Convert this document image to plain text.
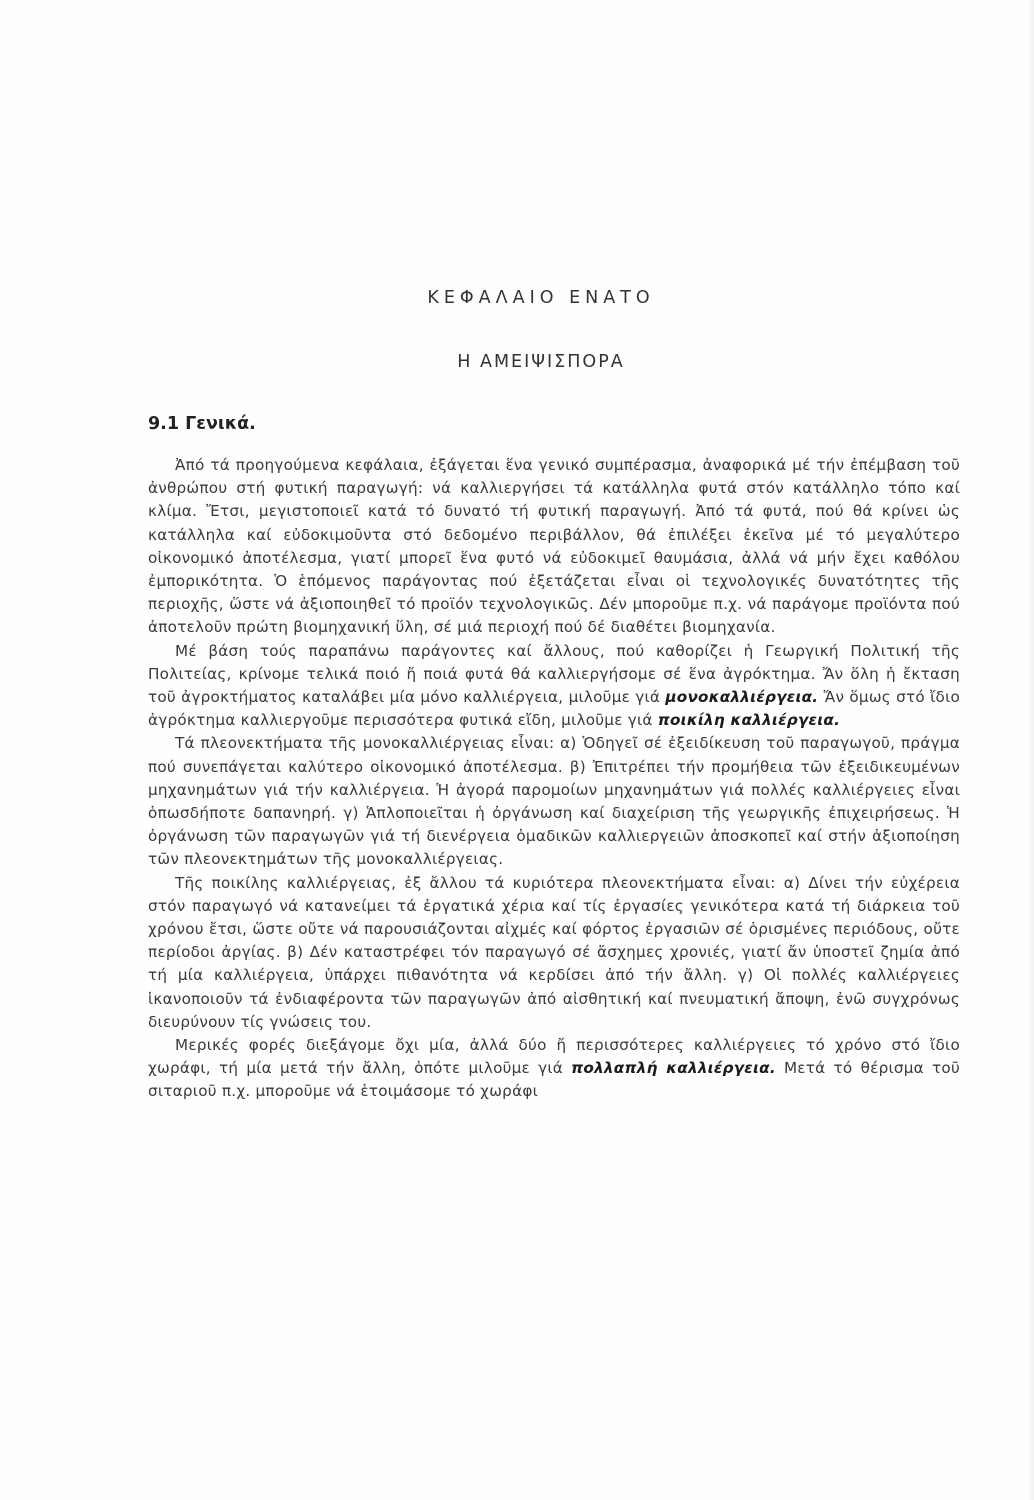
ΚΕΦΑΛΑΙΟ ΕΝΑΤΟ
Η ΑΜΕΙΨΙΣΠΟΡΑ
9.1 Γενικά.

Ἀπό τά προηγούμενα κεφάλαια, ἐξάγεται ἕνα γενικό συμπέρασμα, ἀναφορικά μέ τήν ἐπέμβαση τοῦ ἀνθρώπου στή φυτική παραγωγή: νά καλλιεργήσει τά κατάλληλα φυτά στόν κατάλληλο τόπο καί κλίμα. Ἔτσι, μεγιστοποιεῖ κατά τό δυνατό τή φυτική παραγωγή. Ἀπό τά φυτά, πού θά κρίνει ὡς κατάλληλα καί εὐδοκιμοῦντα στό δεδομένο περιβάλλον, θά ἐπιλέξει ἐκεῖνα μέ τό μεγαλύτερο οἰκονομικό ἀποτέλεσμα, γιατί μπορεῖ ἕνα φυτό νά εὐδοκιμεῖ θαυμάσια, ἀλλά νά μήν ἔχει καθόλου ἐμπορικότητα. Ὁ ἑπόμενος παράγοντας πού ἐξετάζεται εἶναι οἱ τεχνολογικές δυνατότητες τῆς περιοχῆς, ὥστε νά ἀξιοποιηθεῖ τό προϊόν τεχνολογικῶς. Δέν μποροῦμε π.χ. νά παράγομε προϊόντα πού ἀποτελοῦν πρώτη βιομηχανική ὕλη, σέ μιά περιοχή πού δέ διαθέτει βιομηχανία.

Μέ βάση τούς παραπάνω παράγοντες καί ἄλλους, πού καθορίζει ἡ Γεωργική Πολιτική τῆς Πολιτείας, κρίνομε τελικά ποιό ἤ ποιά φυτά θά καλλιεργήσομε σέ ἕνα ἀγρόκτημα. Ἄν ὅλη ἡ ἔκταση τοῦ ἀγροκτήματος καταλάβει μία μόνο καλλιέργεια, μιλοῦμε γιά μονοκαλλιέργεια. Ἄν ὅμως στό ἴδιο ἀγρόκτημα καλλιεργοῦμε περισσότερα φυτικά εἴδη, μιλοῦμε γιά ποικίλη καλλιέργεια.

Τά πλεονεκτήματα τῆς μονοκαλλιέργειας εἶναι: α) Ὁδηγεῖ σέ ἐξειδίκευση τοῦ παραγωγοῦ, πράγμα πού συνεπάγεται καλύτερο οἰκονομικό ἀποτέλεσμα. β) Ἐπιτρέπει τήν προμήθεια τῶν ἐξειδικευμένων μηχανημάτων γιά τήν καλλιέργεια. Ἡ ἀγορά παρομοίων μηχανημάτων γιά πολλές καλλιέργειες εἶναι ὁπωσδήποτε δαπανηρή. γ) Ἁπλοποιεῖται ἡ ὀργάνωση καί διαχείριση τῆς γεωργικῆς ἐπιχειρήσεως. Ἡ ὀργάνωση τῶν παραγωγῶν γιά τή διενέργεια ὁμαδικῶν καλλιεργειῶν ἀποσκοπεῖ καί στήν ἀξιοποίηση τῶν πλεονεκτημάτων τῆς μονοκαλλιέργειας.

Τῆς ποικίλης καλλιέργειας, ἐξ ἄλλου τά κυριότερα πλεονεκτήματα εἶναι: α) Δίνει τήν εὐχέρεια στόν παραγωγό νά κατανείμει τά ἐργατικά χέρια καί τίς ἐργασίες γενικότερα κατά τή διάρκεια τοῦ χρόνου ἔτσι, ὥστε οὔτε νά παρουσιάζονται αἰχμές καί φόρτος ἐργασιῶν σέ ὁρισμένες περιόδους, οὔτε περίοδοι ἀργίας. β) Δέν καταστρέφει τόν παραγωγό σέ ἄσχημες χρονιές, γιατί ἄν ὑποστεῖ ζημία ἀπό τή μία καλλιέργεια, ὑπάρχει πιθανότητα νά κερδίσει ἀπό τήν ἄλλη. γ) Οἱ πολλές καλλιέργειες ἱκανοποιοῦν τά ἐνδιαφέροντα τῶν παραγωγῶν ἀπό αἰσθητική καί πνευματική ἄποψη, ἐνῶ συγχρόνως διευρύνουν τίς γνώσεις του.

Μερικές φορές διεξάγομε ὄχι μία, ἀλλά δύο ἤ περισσότερες καλλιέργειες τό χρόνο στό ἴδιο χωράφι, τή μία μετά τήν ἄλλη, ὁπότε μιλοῦμε γιά πολλαπλή καλλιέργεια. Μετά τό θέρισμα τοῦ σιταριοῦ π.χ. μποροῦμε νά ἑτοιμάσομε τό χωράφι
